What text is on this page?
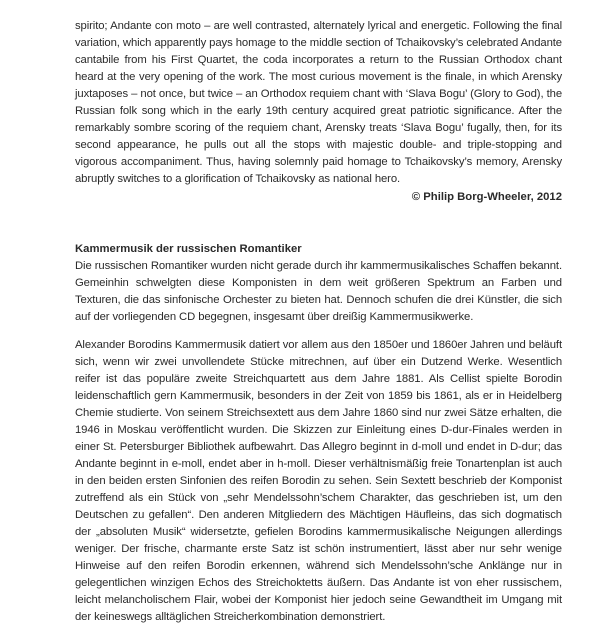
spirito; Andante con moto – are well contrasted, alternately lyrical and energetic. Following the final variation, which apparently pays homage to the middle section of Tchaikovsky’s celebrated Andante cantabile from his First Quartet, the coda incorporates a return to the Russian Orthodox chant heard at the very opening of the work. The most curious movement is the finale, in which Arensky juxtaposes – not once, but twice – an Orthodox requiem chant with ‘Slava Bogu’ (Glory to God), the Russian folk song which in the early 19th century acquired great patriotic significance. After the remarkably sombre scoring of the requiem chant, Arensky treats ‘Slava Bogu’ fugally, then, for its second appearance, he pulls out all the stops with majestic double- and triple-stopping and vigorous accompaniment. Thus, having solemnly paid homage to Tchaikovsky’s memory, Arensky abruptly switches to a glorification of Tchaikovsky as national hero.

© Philip Borg-Wheeler, 2012

Kammermusik der russischen Romantiker

Die russischen Romantiker wurden nicht gerade durch ihr kammermusikalisches Schaffen bekannt. Gemeinhin schwelgten diese Komponisten in dem weit größeren Spektrum an Farben und Texturen, die das sinfonische Orchester zu bieten hat. Dennoch schufen die drei Künstler, die sich auf der vorliegenden CD begegnen, insgesamt über dreißig Kammermusikwerke.

Alexander Borodins Kammermusik datiert vor allem aus den 1850er und 1860er Jahren und beläuft sich, wenn wir zwei unvollendete Stücke mitrechnen, auf über ein Dutzend Werke. Wesentlich reifer ist das populäre zweite Streichquartett aus dem Jahre 1881. Als Cellist spielte Borodin leidenschaftlich gern Kammermusik, besonders in der Zeit von 1859 bis 1861, als er in Heidelberg Chemie studierte. Von seinem Streichsextett aus dem Jahre 1860 sind nur zwei Sätze erhalten, die 1946 in Moskau veröffentlicht wurden. Die Skizzen zur Einleitung eines D-dur-Finales werden in einer St. Petersburger Bibliothek aufbewahrt. Das Allegro beginnt in d-moll und endet in D-dur; das Andante beginnt in e-moll, endet aber in h-moll. Dieser verhältnismäßig freie Tonartenplan ist auch in den beiden ersten Sinfonien des reifen Borodin zu sehen. Sein Sextett beschrieb der Komponist zutreffend als ein Stück von „sehr Mendelssohn’schem Charakter, das geschrieben ist, um den Deutschen zu gefallen“. Den anderen Mitgliedern des Mächtigen Häufleins, das sich dogmatisch der „absoluten Musik“ widersetzte, gefielen Borodins kammermusikalische Neigungen allerdings weniger. Der frische, charmante erste Satz ist schön instrumentiert, lässt aber nur sehr wenige Hinweise auf den reifen Borodin erkennen, während sich Mendelssohn’sche Anklänge nur in gelegentlichen winzigen Echos des Streichoktetts äußern. Das Andante ist von eher russischem, leicht melancholischem Flair, wobei der Komponist hier jedoch seine Gewandtheit im Umgang mit der keineswegs alltäglichen Streicherkombination demonstriert.
